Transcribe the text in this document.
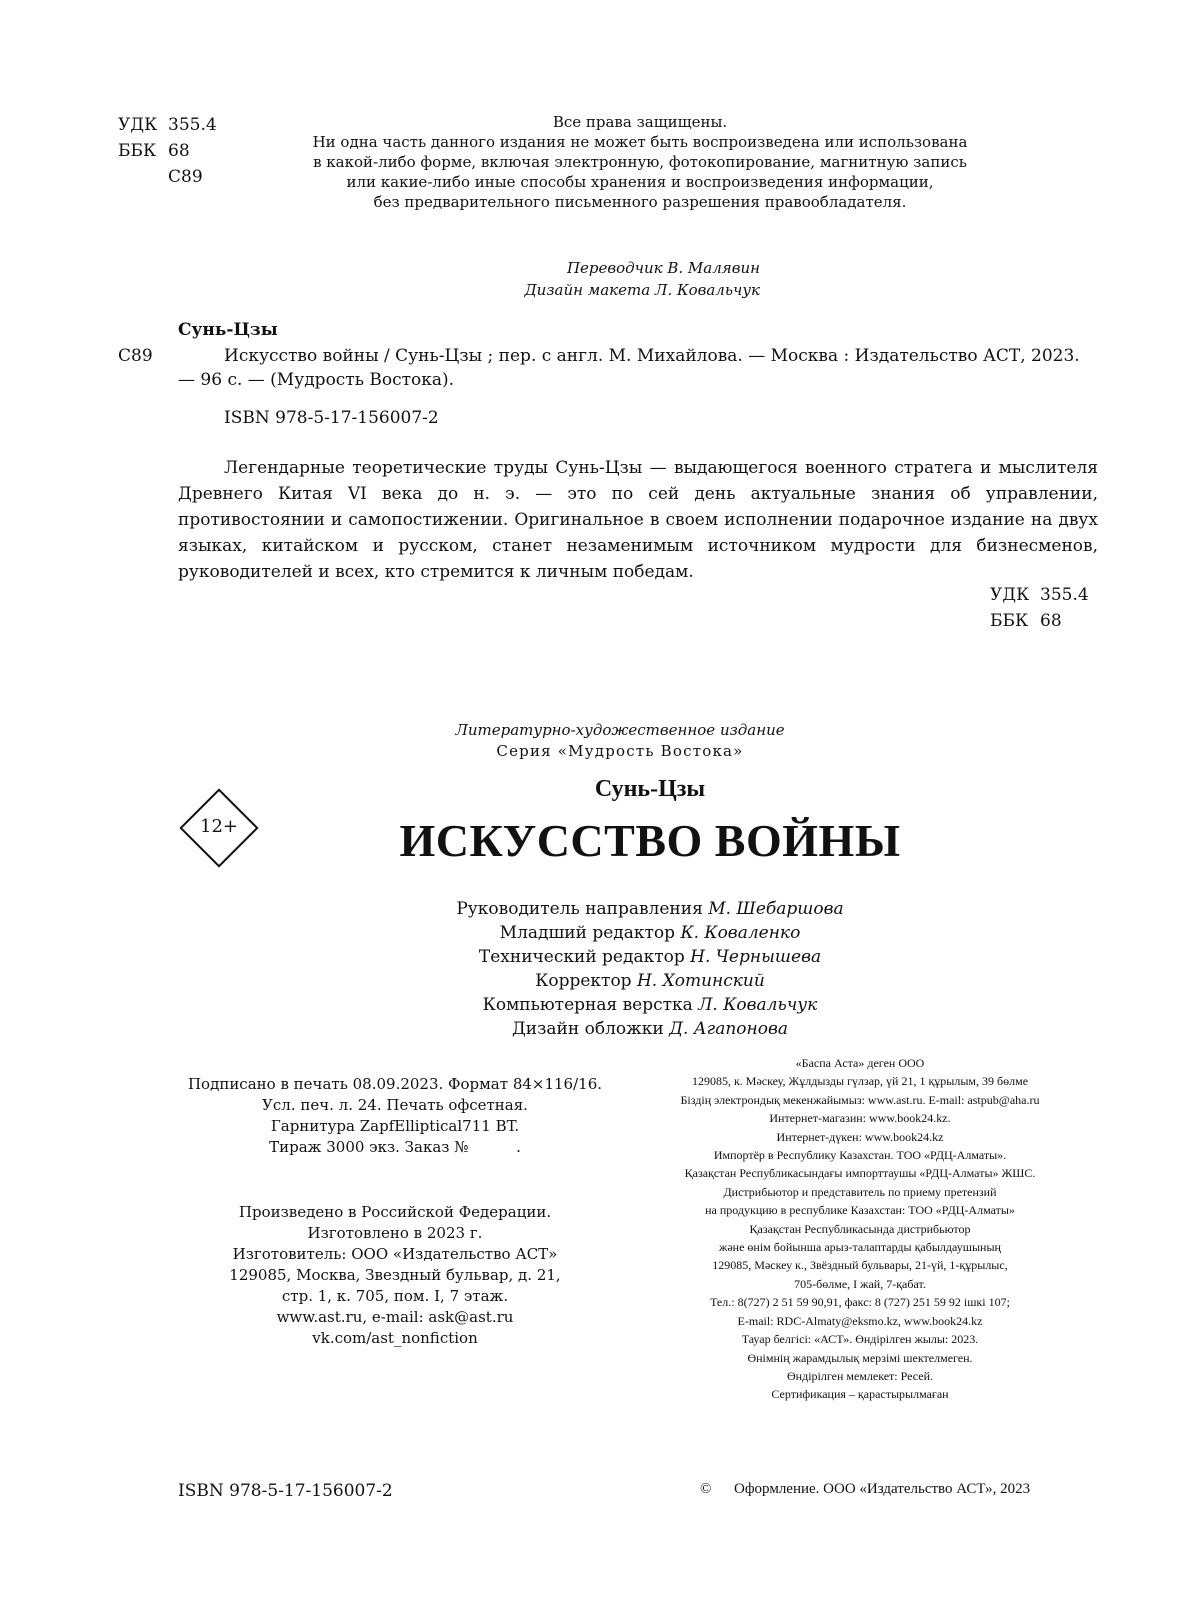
УДК 355.4
ББК 68
С89
Все права защищены.
Ни одна часть данного издания не может быть воспроизведена или использована
в какой-либо форме, включая электронную, фотокопирование, магнитную запись
или какие-либо иные способы хранения и воспроизведения информации,
без предварительного письменного разрешения правообладателя.
Переводчик В. Малявин
Дизайн макета Л. Ковальчук
Сунь-Цзы
С89	Искусство войны / Сунь-Цзы ; пер. с англ. М. Михайлова. — Москва : Издательство АСТ, 2023. — 96 с. — (Мудрость Востока).
ISBN 978-5-17-156007-2
Легендарные теоретические труды Сунь-Цзы — выдающегося военного стратега и мыслителя Древнего Китая VI века до н. э. — это по сей день актуальные знания об управлении, противостоянии и самопостижении. Оригинальное в своем исполнении подарочное издание на двух языках, китайском и русском, станет незаменимым источником мудрости для бизнесменов, руководителей и всех, кто стремится к личным победам.
УДК 355.4
ББК 68
Литературно-художественное издание
Серия «Мудрость Востока»
12+
Сунь-Цзы
ИСКУССТВО ВОЙНЫ
Руководитель направления М. Шебаршова
Младший редактор К. Коваленко
Технический редактор Н. Чернышева
Корректор Н. Хотинский
Компьютерная верстка Л. Ковальчук
Дизайн обложки Д. Агапонова
Подписано в печать 08.09.2023. Формат 84×116/16.
Усл. печ. л. 24. Печать офсетная.
Гарнитура ZapfElliptical711 BT.
Тираж 3000 экз. Заказ №          .
Произведено в Российской Федерации.
Изготовлено в 2023 г.
Изготовитель: ООО «Издательство АСТ»
129085, Москва, Звездный бульвар, д. 21,
стр. 1, к. 705, пом. I, 7 этаж.
www.ast.ru, e-mail: ask@ast.ru
vk.com/ast_nonfiction
«Баспа Аста» деген ООО
129085, к. Мәскеу, Жұлдызды гүлзар, үй 21, 1 құрылым, 39 бөлме
Біздің электрондық мекенжайымыз: www.ast.ru. E-mail: astpub@aha.ru
Интернет-магазин: www.book24.kz.
Интернет-дүкен: www.book24.kz
Импортёр в Республику Казахстан. ТОО «РДЦ-Алматы».
Қазақстан Республикасындағы импорттаушы «РДЦ-Алматы» ЖШС.
Дистрибьютор и представитель по приему претензий
на продукцию в республике Казахстан: ТОО «РДЦ-Алматы»
Қазақстан Республикасында дистрибьютор
және өнім бойынша арыз-талаптарды қабылдаушының
129085, Мәскеу к., Звёздный бульвары, 21-үй, 1-құрылыс,
705-бөлме, I жай, 7-қабат.
Тел.: 8(727) 2 51 59 90,91, факс: 8 (727) 251 59 92 ішкі 107;
E-mail: RDC-Almaty@eksmo.kz, www.book24.kz
Тауар белгісі: «АСТ». Өндірілген жылы: 2023.
Өнімнің жарамдылық мерзімі шектелмеген.
Өндірілген мемлекет: Ресей.
Сертификация – қарастырылмаған
ISBN 978-5-17-156007-2	© Оформление. ООО «Издательство АСТ», 2023
